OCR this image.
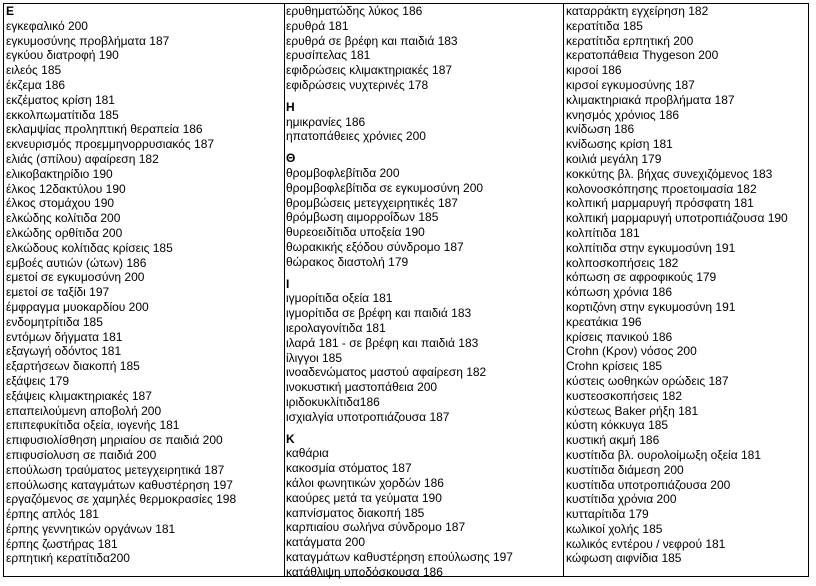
Ε
εγκεφαλικό 200
εγκυμοσύνης προβλήματα 187
εγκύου διατροφή 190
ειλεός 185
έκζεμα 186
εκζέματος κρίση 181
εκκολπωματίτιδα 185
εκλαμψίας προληπτική θεραπεία 186
εκνευρισμός προεμμηνορρυσιακός 187
ελιάς (σπίλου) αφαίρεση 182
ελικοβακτηρίδιο 190
έλκος 12δακτύλου 190
έλκος στομάχου 190
ελκώδης κολίτιδα 200
ελκώδης ορθίτιδα 200
ελκώδους κολίτιδας κρίσεις 185
εμβοές αυτιών (ώτων) 186
εμετοί σε εγκυμοσύνη 200
εμετοί σε ταξίδι 197
έμφραγμα μυοκαρδίου 200
ενδομητρίτιδα 185
εντόμων δήγματα 181
εξαγωγή οδόντος 181
εξαρτήσεων διακοπή 185
εξάψεις 179
εξάψεις κλιμακτηριακές 187
επαπειλούμενη αποβολή 200
επιπεφυκίτιδα οξεία, ιογενής 181
επιφυσιολίσθηση μηριαίου σε παιδιά 200
επιφυσίολυση σε παιδιά 200
επούλωση τραύματος μετεγχειρητικά 187
επούλωσης καταγμάτων καθυστέρηση 197
εργαζόμενος σε χαμηλές θερμοκρασίες 198
έρπης απλός 181
έρπης γεννητικών οργάνων 181
έρπης ζωστήρας 181
ερπητική κερατίτιδα200
ερυθηματώδης λύκος 186
ερυθρά 181
ερυθρά σε βρέφη και παιδιά 183
ερυσίπελας 181
εφιδρώσεις κλιμακτηριακές 187
εφιδρώσεις νυχτερινές 178
Η
ημικρανίες 186
ηπατοπάθειες χρόνιες 200
Θ
θρομβοφλεβίτιδα 200
θρομβοφλεβίτιδα σε εγκυμοσύνη 200
θρομβώσεις μετεγχειρητικές 187
θρόμβωση αιμορροΐδων 185
θυρεοειδίτιδα υποξεία 190
θωρακικής εξόδου σύνδρομο 187
θώρακος διαστολή 179
Ι
ιγμορίτιδα οξεία 181
ιγμορίτιδα σε βρέφη και παιδιά 183
ιερολαγονίτιδα 181
ιλαρά 181 - σε βρέφη και παιδιά 183
ίλιγγοι 185
ινοαδενώματος μαστού αφαίρεση 182
ινοκυστική μαστοπάθεια 200
ιριδοκυκλίτιδα186
ισχιαλγία υποτροπιάζουσα 187
Κ
καθάρια
κακοσμία στόματος 187
κάλοι φωνητικών χορδών 186
καούρες μετά τα γεύματα 190
καπνίσματος διακοπή 185
καρπιαίου σωλήνα σύνδρομο 187
κατάγματα 200
καταγμάτων καθυστέρηση επούλωσης 197
κατάθλιψη υποδόσκουσα 186
καταρράκτη εγχείρηση 182
κερατίτιδα 185
κερατίτιδα ερπητική 200
κερατοπάθεια Thygeson 200
κιρσοί 186
κιρσοί εγκυμοσύνης 187
κλιμακτηριακά προβλήματα 187
κνησμός χρόνιος 186
κνίδωση 186
κνίδωσης κρίση 181
κοιλιά μεγάλη 179
κοκκύτης βλ. βήχας συνεχιζόμενος 183
κολονοσκόπησης προετοιμασία 182
κολπική μαρμαρυγή πρόσφατη 181
κολπική μαρμαρυγή υποτροπιάζουσα 190
κολπίτιδα 181
κολπίτιδα στην εγκυμοσύνη 191
κολποσκοπήσεις 182
κόπωση σε αφροφικούς 179
κόπωση χρόνια 186
κορτιζόνη στην εγκυμοσύνη 191
κρεατάκια 196
κρίσεις πανικού 186
Crohn (Κρον) νόσος 200
Crohn κρίσεις 185
κύστεις ωοθηκών ορώδεις 187
κυστεοσκοπήσεις 182
κύστεως Baker ρήξη 181
κύστη κόκκυγα 185
κυστική ακμή 186
κυστίτιδα βλ. ουρολοίμωξη οξεία 181
κυστίτιδα διάμεση 200
κυστίτιδα υποτροπιάζουσα 200
κυστίτιδα χρόνια 200
κυτταρίτιδα 179
κωλικοί χολής 185
κωλικός εντέρου / νεφρού 181
κώφωση αιφνίδια 185
